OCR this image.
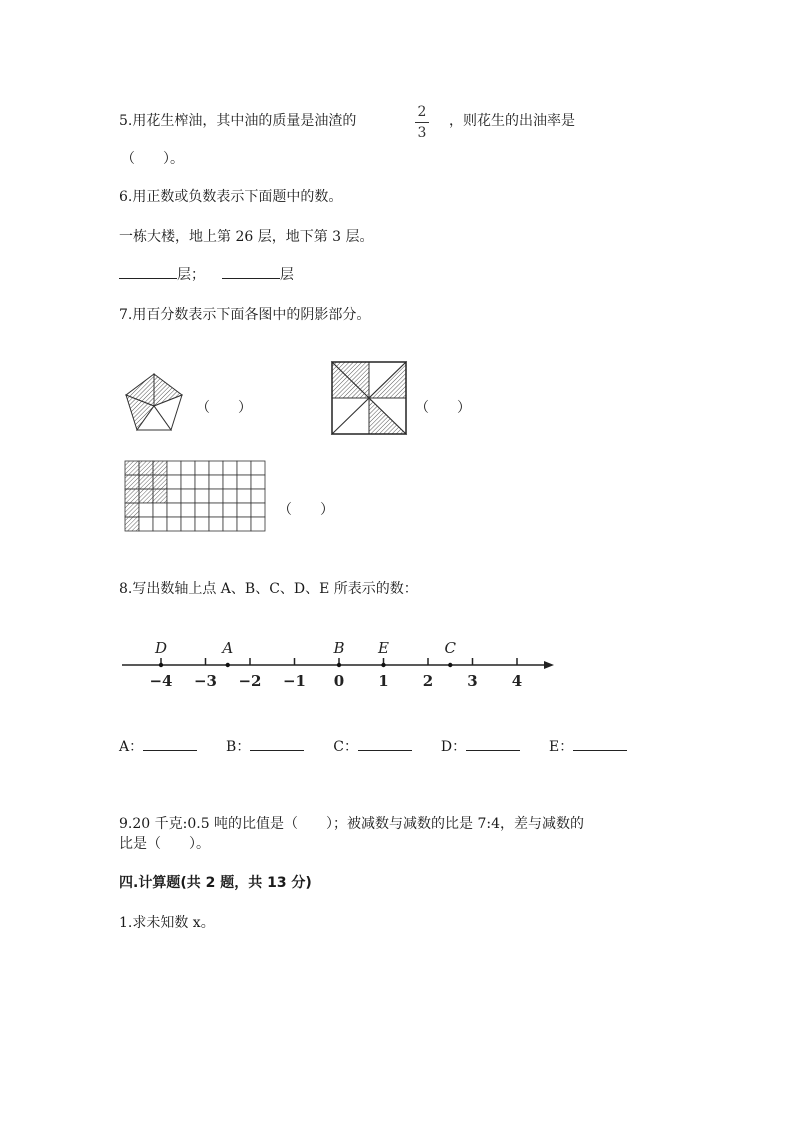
5.用花生榨油，其中油的质量是油渣的
2
3
，则花生的出油率是
（　　）。
6.用正数或负数表示下面题中的数。
一栋大楼，地上第 26 层，地下第 3 层。
层；	层
7.用百分数表示下面各图中的阴影部分。
（　　）	（　　）
（　　）
8.写出数轴上点 A、B、C、D、E 所表示的数：
−4 −3 −2 −1 0 1 2 3 4
D	A	B E	C
A：	B：	C：	D：	E：
9.20 千克:0.5 吨的比值是（　　）；被减数与减数的比是 7:4，差与减数的
比是（　　）。
四.计算题(共 2 题，共 13 分)
1.求未知数 x。
